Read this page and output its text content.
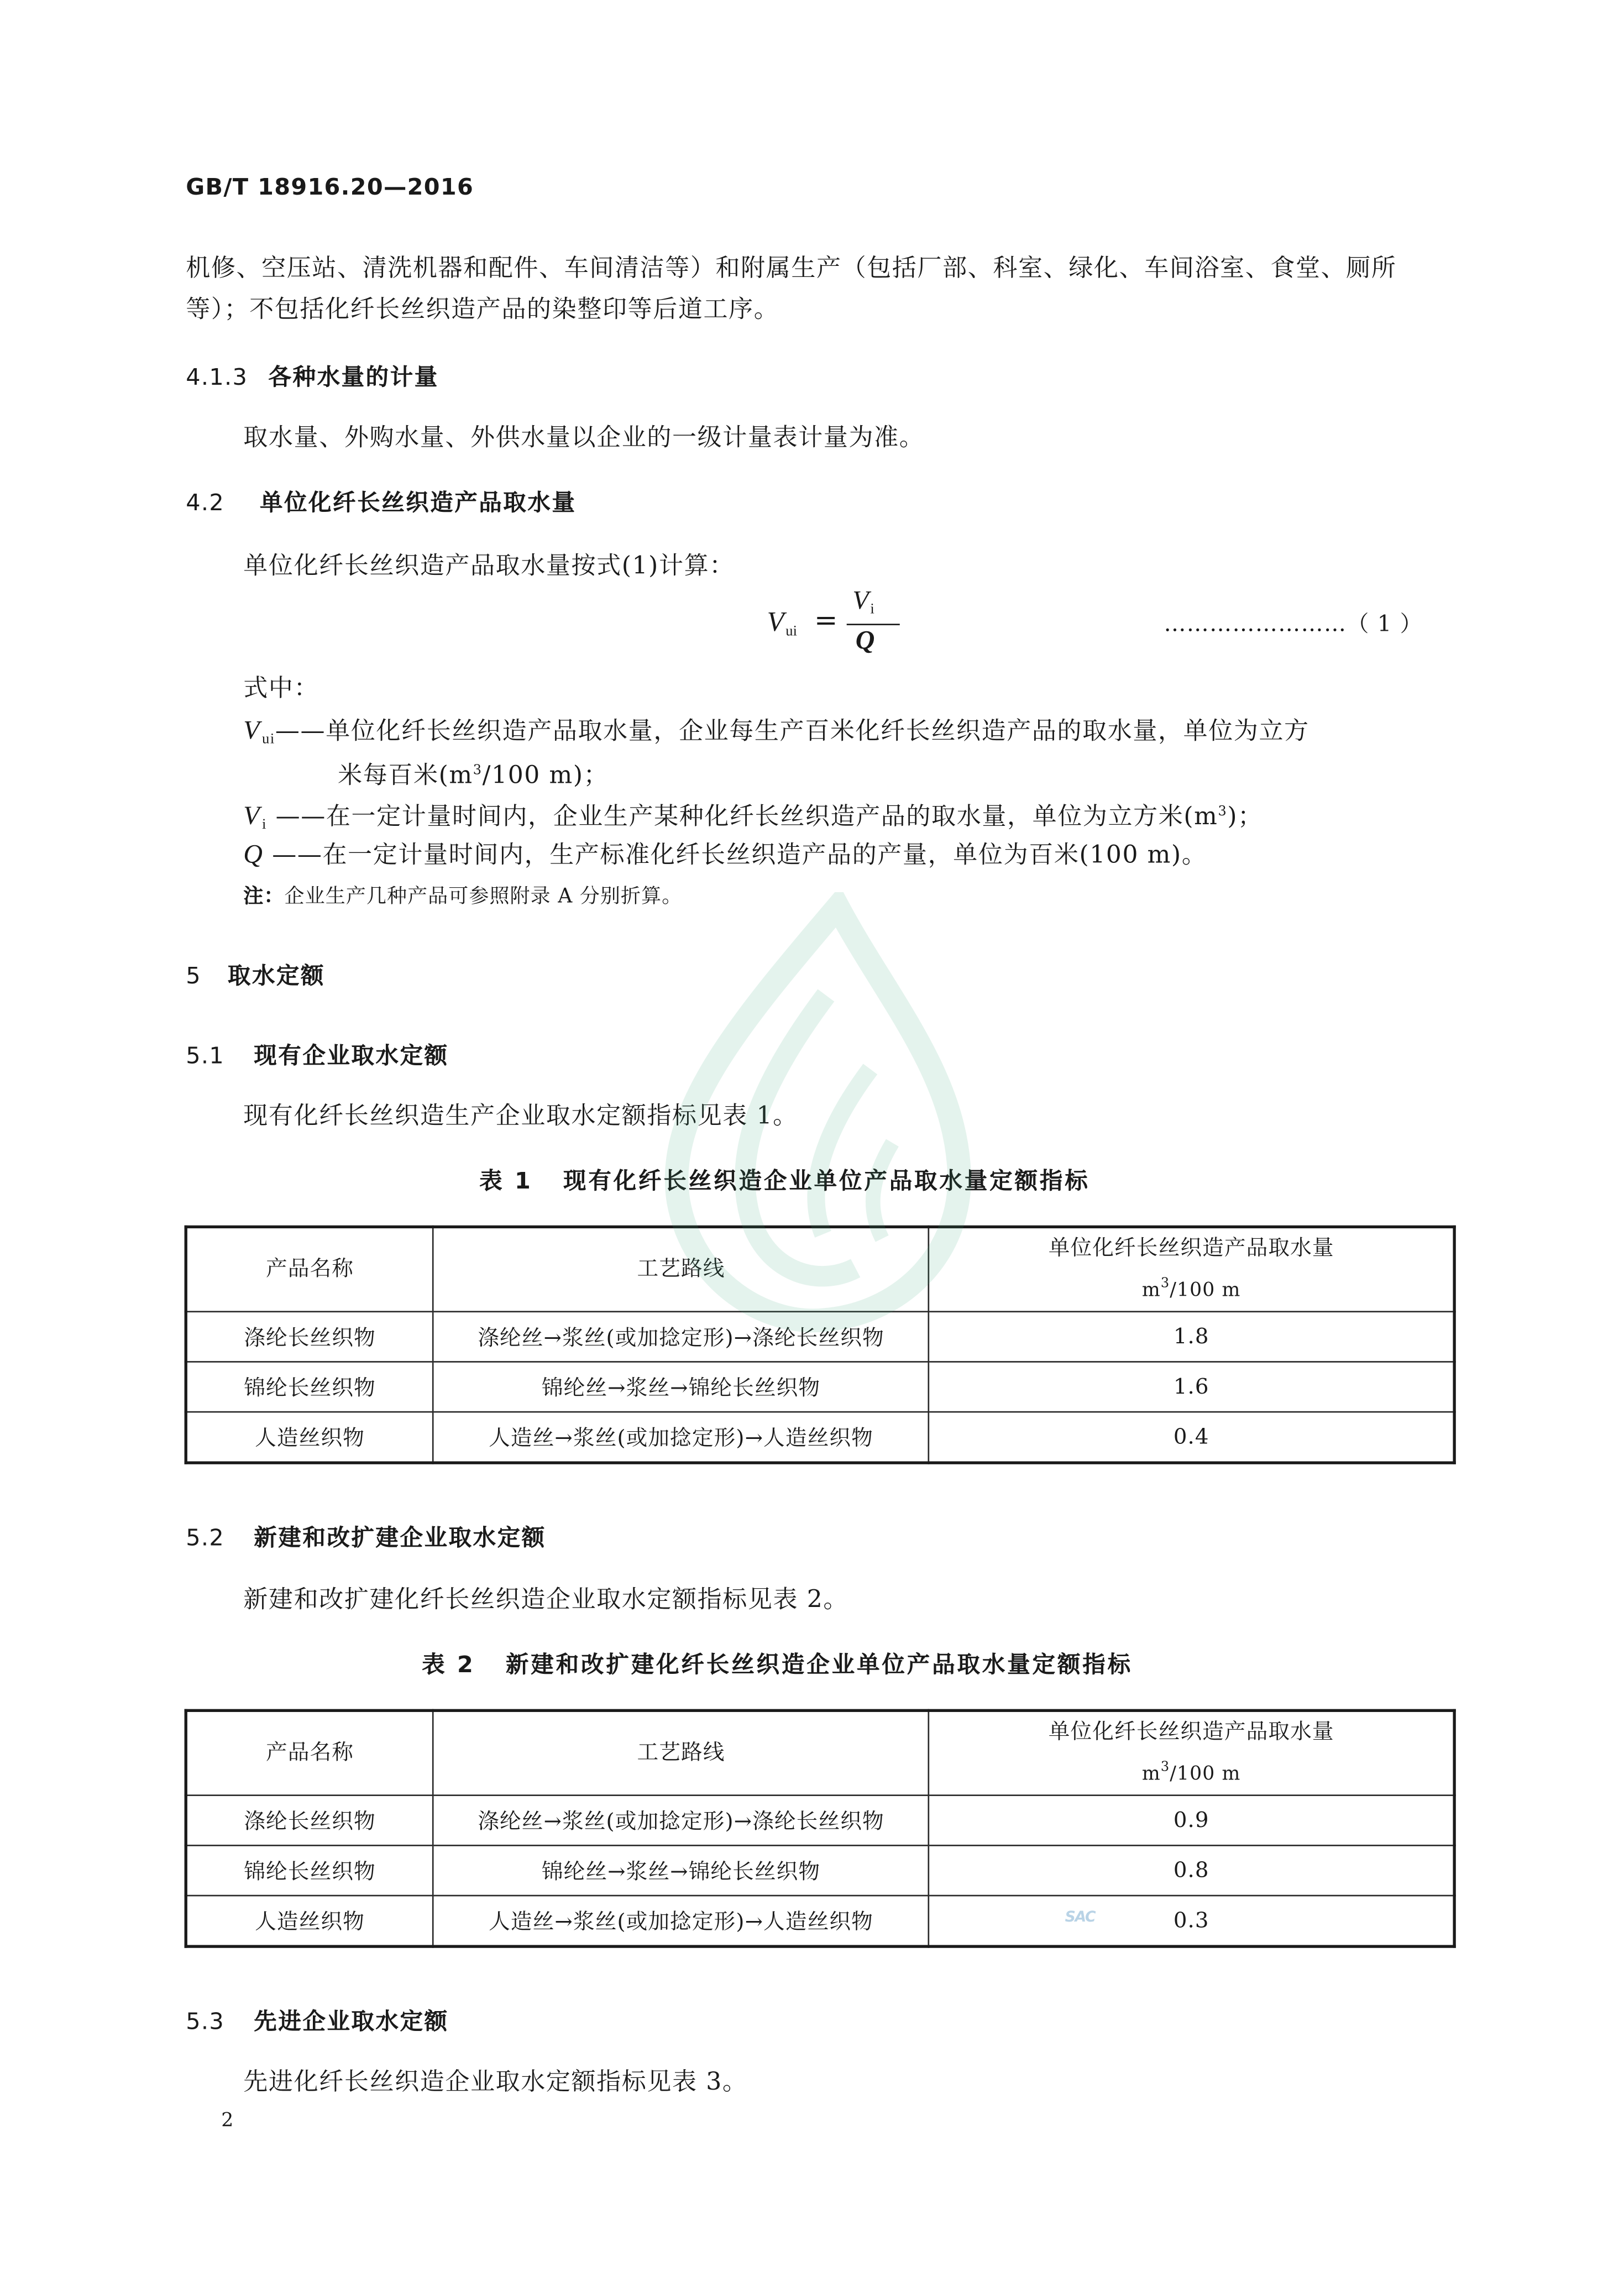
GB/T 18916.20—2016
机修、空压站、清洗机器和配件、车间清洁等）和附属生产（包括厂部、科室、绿化、车间浴室、食堂、厕所
等）；不包括化纤长丝织造产品的染整印等后道工序。
4.1.3 各种水量的计量
取水量、外购水量、外供水量以企业的一级计量表计量为准。
4.2	单位化纤长丝织造产品取水量
单位化纤长丝织造产品取水量按式(1)计算：
V $_{ui}$ =
V $_i$
Q
……………………（ 1 ）
式中：
V $_{ui}$——单位化纤长丝织造产品取水量，企业每生产百米化纤长丝织造产品的取水量，单位为立方
米每百米($m^3/100$ m)；
V $_i$ ——在一定计量时间内，企业生产某种化纤长丝织造产品的取水量，单位为立方米$(m^3)$；
Q ——在一定计量时间内，生产标准化纤长丝织造产品的产量，单位为百米(100 m)。
注：企业生产几种产品可参照附录 A 分别折算。
5	取水定额
5.1	现有企业取水定额
现有化纤长丝织造生产企业取水定额指标见表 1。
表 1	现有化纤长丝织造企业单位产品取水量定额指标
产品名称	工艺路线	单位化纤长丝织造产品取水量
$m^3/100$ m

涤纶长丝织物	涤纶丝→浆丝(或加捻定形)→涤纶长丝织物	1.8
锦纶长丝织物	锦纶丝→浆丝→锦纶长丝织物	1.6
人造丝织物	人造丝→浆丝(或加捻定形)→人造丝织物	0.4
5.2	新建和改扩建企业取水定额
新建和改扩建化纤长丝织造企业取水定额指标见表 2。
表 2	新建和改扩建化纤长丝织造企业单位产品取水量定额指标
产品名称	工艺路线	单位化纤长丝织造产品取水量
$m^3/100$ m

涤纶长丝织物	涤纶丝→浆丝(或加捻定形)→涤纶长丝织物	0.9
锦纶长丝织物	锦纶丝→浆丝→锦纶长丝织物	0.8
人造丝织物	人造丝→浆丝(或加捻定形)→人造丝织物	0.3
5.3	先进企业取水定额
先进化纤长丝织造企业取水定额指标见表 3。
2
SAC
